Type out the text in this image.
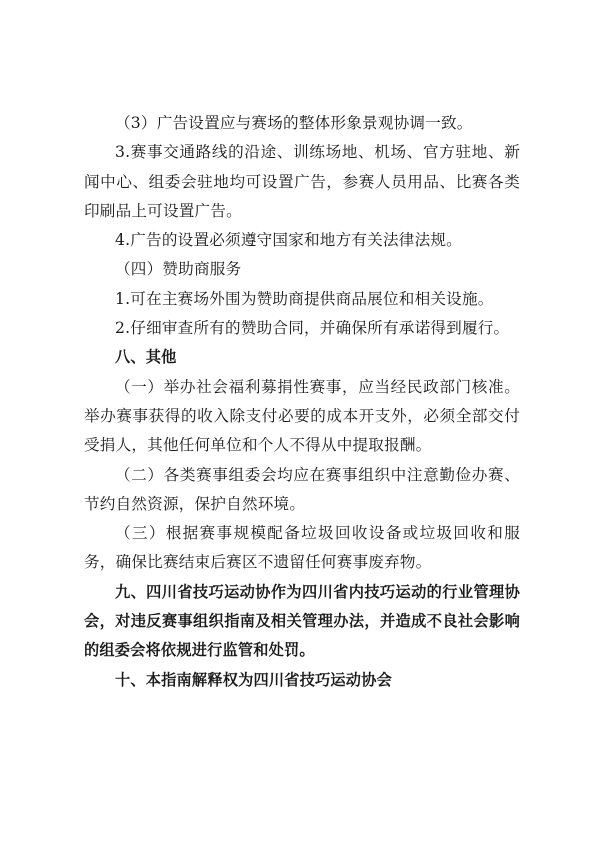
（3）广告设置应与赛场的整体形象景观协调一致。

3.赛事交通路线的沿途、训练场地、机场、官方驻地、新闻中心、组委会驻地均可设置广告，参赛人员用品、比赛各类印刷品上可设置广告。

4.广告的设置必须遵守国家和地方有关法律法规。

（四）赞助商服务

1.可在主赛场外围为赞助商提供商品展位和相关设施。

2.仔细审查所有的赞助合同，并确保所有承诺得到履行。

八、其他

（一）举办社会福利募捐性赛事，应当经民政部门核准。举办赛事获得的收入除支付必要的成本开支外，必须全部交付受捐人，其他任何单位和个人不得从中提取报酬。

（二）各类赛事组委会均应在赛事组织中注意勤俭办赛、节约自然资源，保护自然环境。

（三）根据赛事规模配备垃圾回收设备或垃圾回收和服务，确保比赛结束后赛区不遗留任何赛事废弃物。

九、四川省技巧运动协作为四川省内技巧运动的行业管理协会，对违反赛事组织指南及相关管理办法，并造成不良社会影响的组委会将依规进行监管和处罚。

十、本指南解释权为四川省技巧运动协会
